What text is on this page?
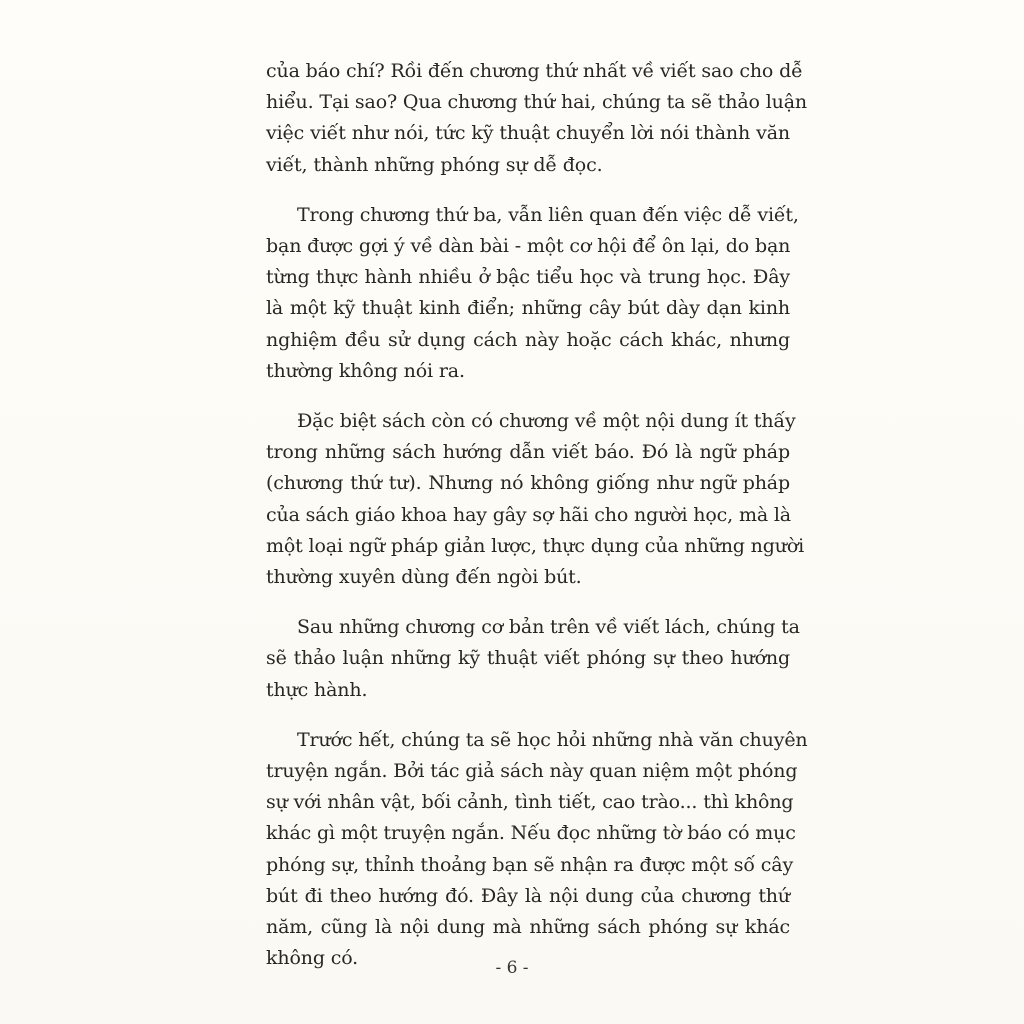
của báo chí? Rồi đến chương thứ nhất về viết sao cho dễ
hiểu. Tại sao? Qua chương thứ hai, chúng ta sẽ thảo luận
việc viết như nói, tức kỹ thuật chuyển lời nói thành văn
viết, thành những phóng sự dễ đọc.

Trong chương thứ ba, vẫn liên quan đến việc dễ viết,
bạn được gợi ý về dàn bài - một cơ hội để ôn lại, do bạn
từng thực hành nhiều ở bậc tiểu học và trung học. Đây
là một kỹ thuật kinh điển; những cây bút dày dạn kinh
nghiệm đều sử dụng cách này hoặc cách khác, nhưng
thường không nói ra.

Đặc biệt sách còn có chương về một nội dung ít thấy
trong những sách hướng dẫn viết báo. Đó là ngữ pháp
(chương thứ tư). Nhưng nó không giống như ngữ pháp
của sách giáo khoa hay gây sợ hãi cho người học, mà là
một loại ngữ pháp giản lược, thực dụng của những người
thường xuyên dùng đến ngòi bút.

Sau những chương cơ bản trên về viết lách, chúng ta
sẽ thảo luận những kỹ thuật viết phóng sự theo hướng
thực hành.

Trước hết, chúng ta sẽ học hỏi những nhà văn chuyên
truyện ngắn. Bởi tác giả sách này quan niệm một phóng
sự với nhân vật, bối cảnh, tình tiết, cao trào... thì không
khác gì một truyện ngắn. Nếu đọc những tờ báo có mục
phóng sự, thỉnh thoảng bạn sẽ nhận ra được một số cây
bút đi theo hướng đó. Đây là nội dung của chương thứ
năm, cũng là nội dung mà những sách phóng sự khác
không có.	- 6 -
